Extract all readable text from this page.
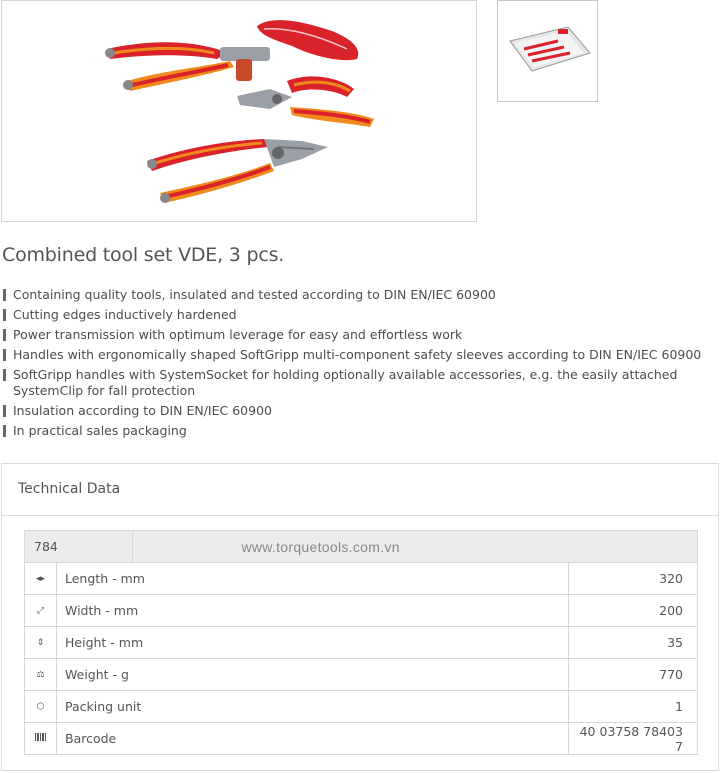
Combined tool set VDE, 3 pcs.
Containing quality tools, insulated and tested according to DIN EN/IEC 60900
Cutting edges inductively hardened
Power transmission with optimum leverage for easy and effortless work
Handles with ergonomically shaped SoftGripp multi-component safety sleeves according to DIN EN/IEC 60900
SoftGripp handles with SystemSocket for holding optionally available accessories, e.g. the easily attached SystemClip for fall protection
Insulation according to DIN EN/IEC 60900
In practical sales packaging
Technical Data
784		www.torquetools.com.vn	
◂▸	Length - mm		320
⤢	Width - mm		200
⇕	Height - mm		35
⚖	Weight - g		770
⬡	Packing unit		1
	Barcode		40 03758 78403 7
